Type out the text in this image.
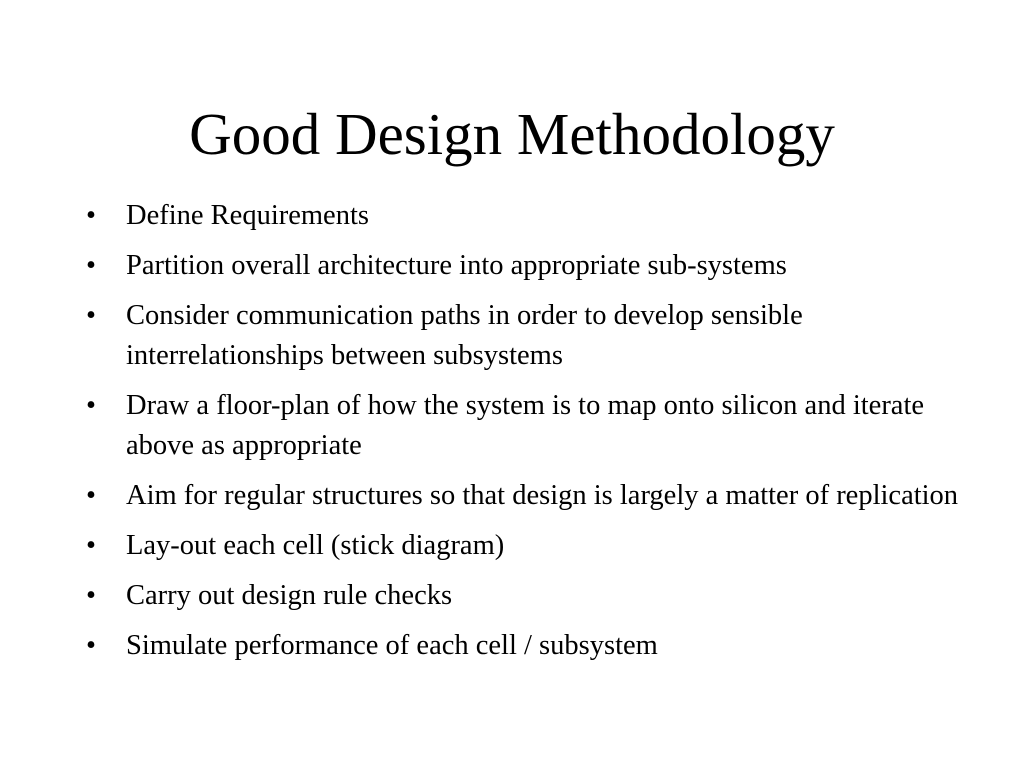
Good Design Methodology
•	Define Requirements
•	Partition overall architecture into appropriate sub-systems
•	Consider communication paths in order to develop sensible interrelationships between subsystems
•	Draw a floor-plan of how the system is to map onto silicon and iterate above as appropriate
•	Aim for regular structures so that design is largely a matter of replication
•	Lay-out each cell (stick diagram)
•	Carry out design rule checks
•	Simulate performance of each cell / subsystem
